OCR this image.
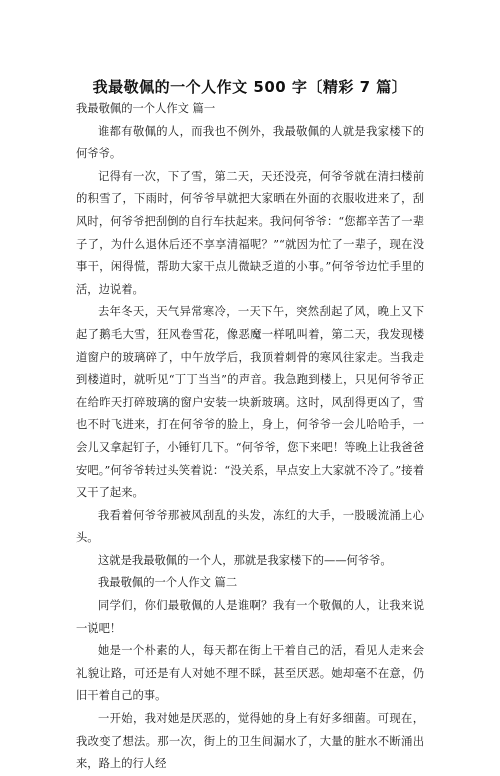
我最敬佩的一个人作文 500 字〔精彩 7 篇〕

我最敬佩的一个人作文 篇一

谁都有敬佩的人，而我也不例外，我最敬佩的人就是我家楼下的何爷爷。

记得有一次，下了雪，第二天，天还没亮，何爷爷就在清扫楼前的积雪了，下雨时，何爷爷早就把大家晒在外面的衣服收进来了，刮风时，何爷爷把刮倒的自行车扶起来。我问何爷爷：“您都辛苦了一辈子了，为什么退休后还不享享清福呢？”“就因为忙了一辈子，现在没事干，闲得慌，帮助大家干点儿微缺乏道的小事。”何爷爷边忙手里的活，边说着。

去年冬天，天气异常寒冷，一天下午，突然刮起了风，晚上又下起了鹅毛大雪，狂风卷雪花，像恶魔一样吼叫着，第二天，我发现楼道窗户的玻璃碎了，中午放学后，我顶着刺骨的寒风往家走。当我走到楼道时，就听见“丁丁当当”的声音。我急跑到楼上，只见何爷爷正在给昨天打碎玻璃的窗户安装一块新玻璃。这时，风刮得更凶了，雪也不时飞进来，打在何爷爷的脸上，身上，何爷爷一会儿哈哈手，一会儿又拿起钉子，小锤钉几下。“何爷爷，您下来吧！等晚上让我爸爸安吧。”何爷爷转过头笑着说：“没关系，早点安上大家就不冷了。”接着又干了起来。

我看着何爷爷那被风刮乱的头发，冻红的大手，一股暖流涌上心头。

这就是我最敬佩的一个人，那就是我家楼下的——何爷爷。

我最敬佩的一个人作文 篇二

同学们，你们最敬佩的人是谁啊？我有一个敬佩的人，让我来说一说吧！

她是一个朴素的人，每天都在街上干着自己的活，看见人走来会礼貌让路，可还是有人对她不理不睬，甚至厌恶。她却毫不在意，仍旧干着自己的事。

一开始，我对她是厌恶的，觉得她的身上有好多细菌。可现在，我改变了想法。那一次，街上的卫生间漏水了，大量的脏水不断涌出来，路上的行人经
